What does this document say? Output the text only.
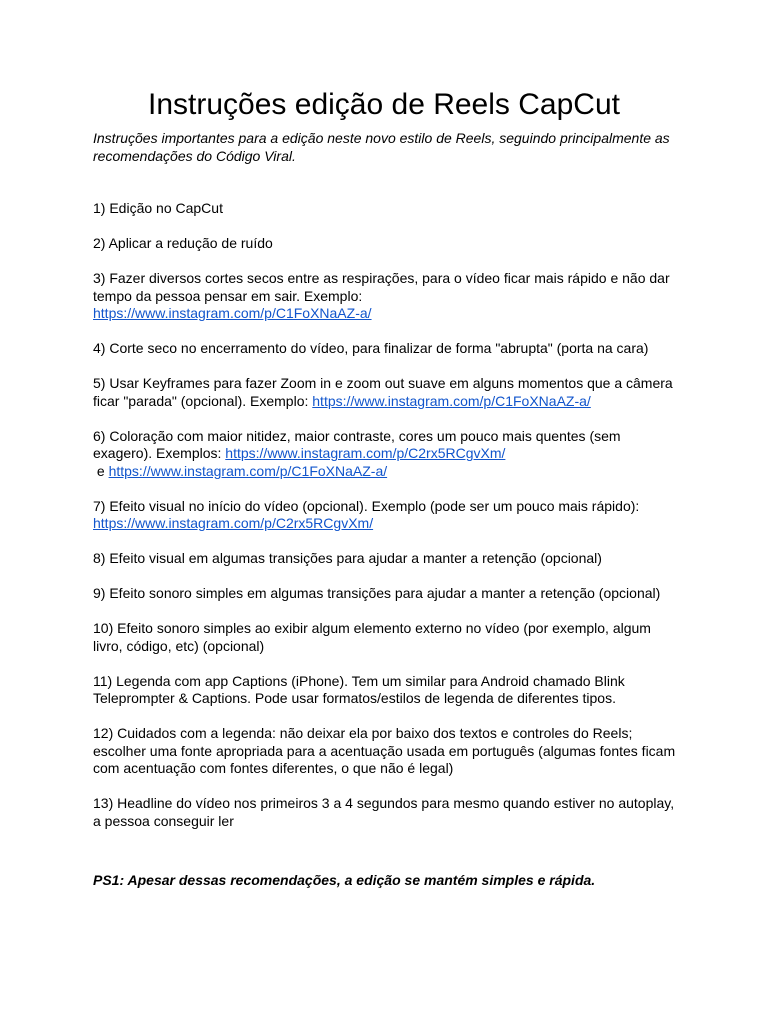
Instruções edição de Reels CapCut

Instruções importantes para a edição neste novo estilo de Reels, seguindo principalmente as recomendações do Código Viral.

1) Edição no CapCut

2) Aplicar a redução de ruído

3) Fazer diversos cortes secos entre as respirações, para o vídeo ficar mais rápido e não dar tempo da pessoa pensar em sair. Exemplo:
https://www.instagram.com/p/C1FoXNaAZ-a/

4) Corte seco no encerramento do vídeo, para finalizar de forma "abrupta" (porta na cara)

5) Usar Keyframes para fazer Zoom in e zoom out suave em alguns momentos que a câmera ficar "parada" (opcional). Exemplo: https://www.instagram.com/p/C1FoXNaAZ-a/

6) Coloração com maior nitidez, maior contraste, cores um pouco mais quentes (sem exagero). Exemplos: https://www.instagram.com/p/C2rx5RCgvXm/
e https://www.instagram.com/p/C1FoXNaAZ-a/

7) Efeito visual no início do vídeo (opcional). Exemplo (pode ser um pouco mais rápido):
https://www.instagram.com/p/C2rx5RCgvXm/

8) Efeito visual em algumas transições para ajudar a manter a retenção (opcional)

9) Efeito sonoro simples em algumas transições para ajudar a manter a retenção (opcional)

10) Efeito sonoro simples ao exibir algum elemento externo no vídeo (por exemplo, algum livro, código, etc) (opcional)

11) Legenda com app Captions (iPhone). Tem um similar para Android chamado Blink Teleprompter & Captions. Pode usar formatos/estilos de legenda de diferentes tipos.

12) Cuidados com a legenda: não deixar ela por baixo dos textos e controles do Reels; escolher uma fonte apropriada para a acentuação usada em português (algumas fontes ficam com acentuação com fontes diferentes, o que não é legal)

13) Headline do vídeo nos primeiros 3 a 4 segundos para mesmo quando estiver no autoplay, a pessoa conseguir ler

PS1: Apesar dessas recomendações, a edição se mantém simples e rápida.
